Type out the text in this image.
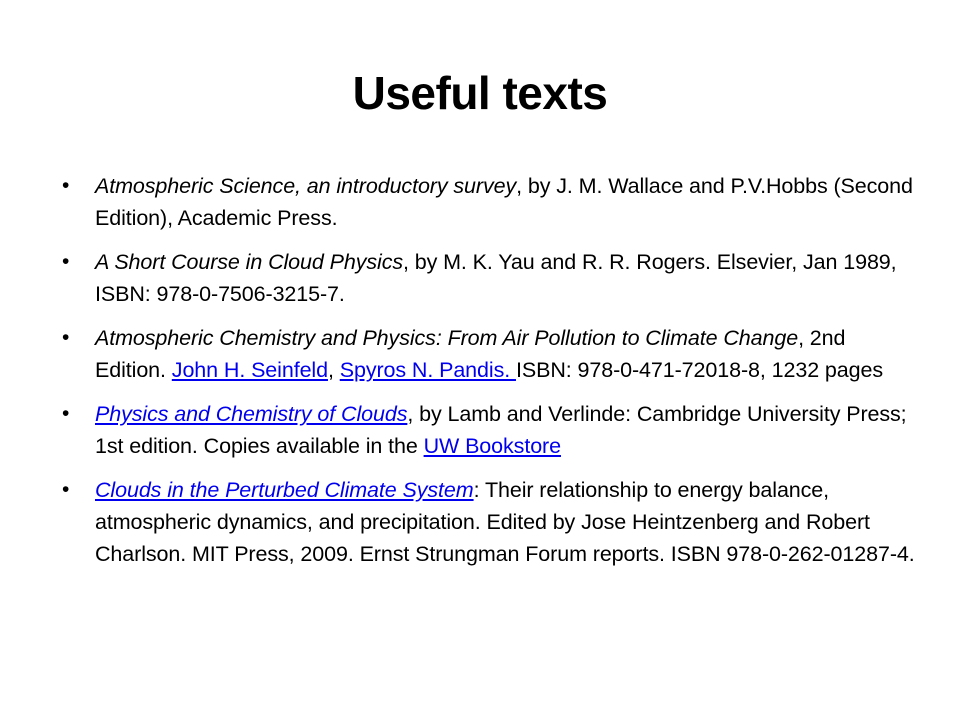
Useful texts
• Atmospheric Science, an introductory survey, by J. M. Wallace and P.V.Hobbs (Second Edition), Academic Press.
• A Short Course in Cloud Physics, by M. K. Yau and R. R. Rogers. Elsevier, Jan 1989, ISBN: 978-0-7506-3215-7.
• Atmospheric Chemistry and Physics: From Air Pollution to Climate Change, 2nd Edition. John H. Seinfeld, Spyros N. Pandis. ISBN: 978-0-471-72018-8, 1232 pages
• Physics and Chemistry of Clouds, by Lamb and Verlinde: Cambridge University Press; 1st edition. Copies available in the UW Bookstore
• Clouds in the Perturbed Climate System: Their relationship to energy balance, atmospheric dynamics, and precipitation. Edited by Jose Heintzenberg and Robert Charlson. MIT Press, 2009. Ernst Strungman Forum reports. ISBN 978-0-262-01287-4.
